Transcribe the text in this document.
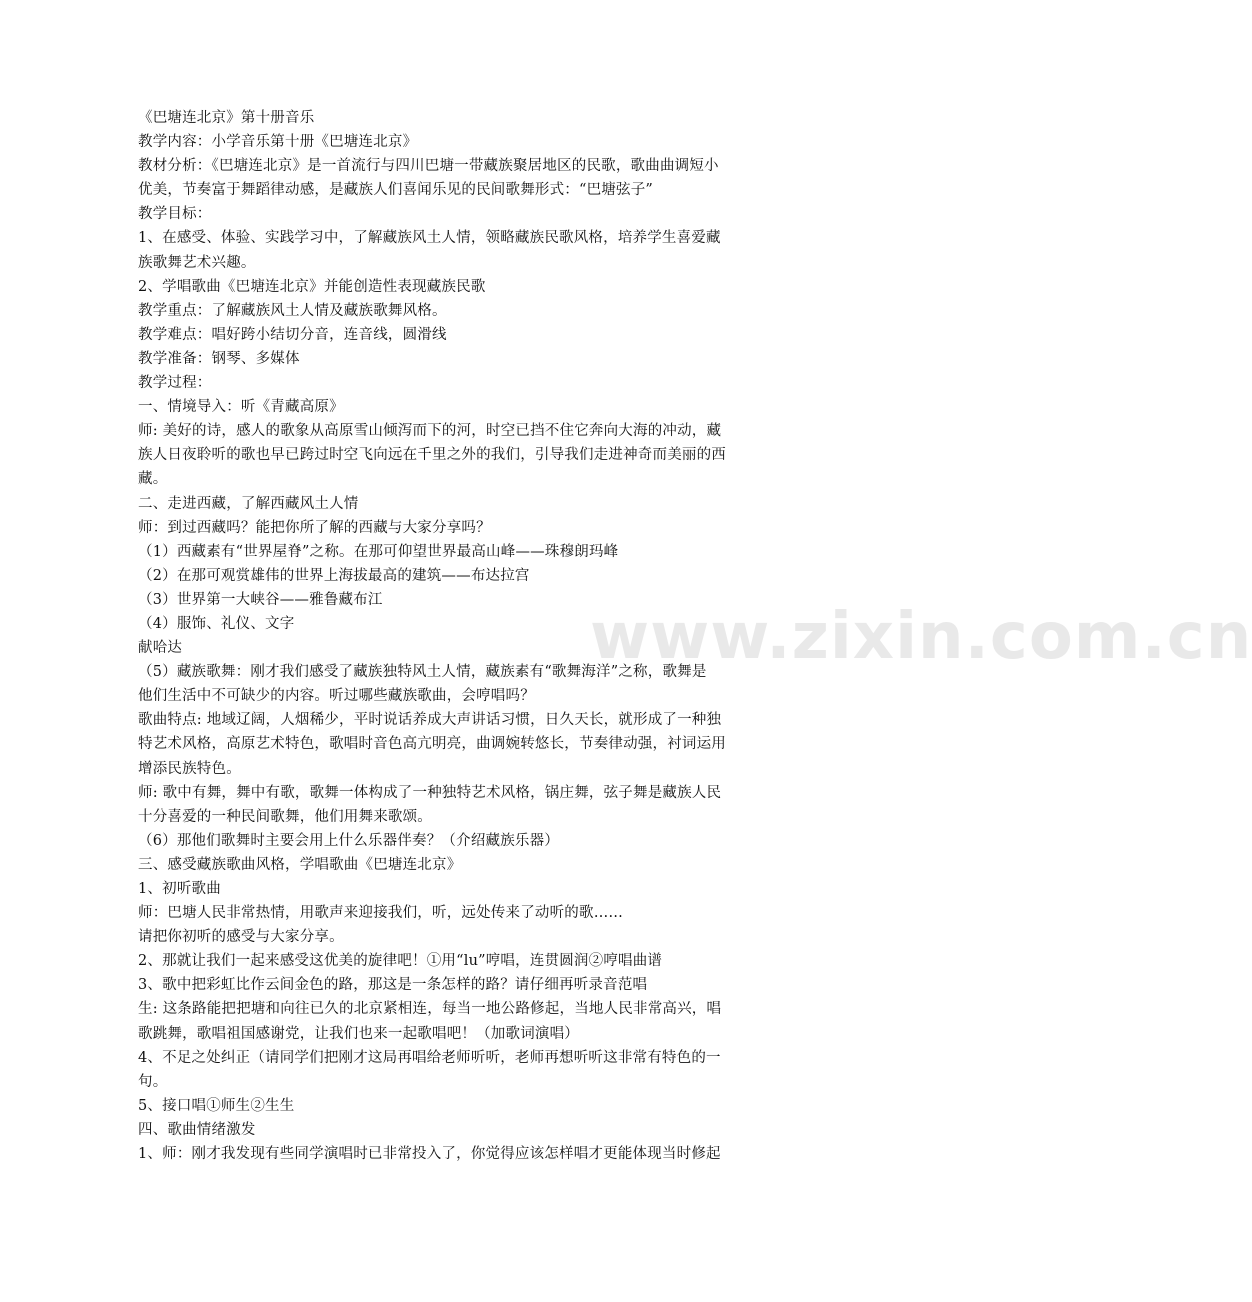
www.zixin.com.cn
《巴塘连北京》第十册音乐
教学内容：小学音乐第十册《巴塘连北京》
教材分析：《巴塘连北京》是一首流行与四川巴塘一带藏族聚居地区的民歌，歌曲曲调短小
优美，节奏富于舞蹈律动感，是藏族人们喜闻乐见的民间歌舞形式：“巴塘弦子”
教学目标：
1、在感受、体验、实践学习中，了解藏族风土人情，领略藏族民歌风格，培养学生喜爱藏
族歌舞艺术兴趣。
2、学唱歌曲《巴塘连北京》并能创造性表现藏族民歌
教学重点：了解藏族风土人情及藏族歌舞风格。
教学难点：唱好跨小结切分音，连音线，圆滑线
教学准备：钢琴、多媒体
教学过程：
一、情境导入：听《青藏高原》
师: 美好的诗，感人的歌象从高原雪山倾泻而下的河，时空已挡不住它奔向大海的冲动，藏
族人日夜聆听的歌也早已跨过时空飞向远在千里之外的我们，引导我们走进神奇而美丽的西
藏。
二、走进西藏，了解西藏风土人情
师：到过西藏吗？能把你所了解的西藏与大家分享吗？
（1）西藏素有“世界屋脊”之称。在那可仰望世界最高山峰——珠穆朗玛峰
（2）在那可观赏雄伟的世界上海拔最高的建筑——布达拉宫
（3）世界第一大峡谷——雅鲁藏布江
（4）服饰、礼仪、文字
献哈达
（5）藏族歌舞：刚才我们感受了藏族独特风土人情，藏族素有“歌舞海洋”之称，歌舞是
他们生活中不可缺少的内容。听过哪些藏族歌曲，会哼唱吗？
歌曲特点: 地域辽阔，人烟稀少，平时说话养成大声讲话习惯，日久天长，就形成了一种独
特艺术风格，高原艺术特色，歌唱时音色高亢明亮，曲调婉转悠长，节奏律动强，衬词运用
增添民族特色。
师: 歌中有舞，舞中有歌，歌舞一体构成了一种独特艺术风格，锅庄舞，弦子舞是藏族人民
十分喜爱的一种民间歌舞，他们用舞来歌颂。
（6）那他们歌舞时主要会用上什么乐器伴奏？（介绍藏族乐器）
三、感受藏族歌曲风格，学唱歌曲《巴塘连北京》
1、初听歌曲
师：巴塘人民非常热情，用歌声来迎接我们，听，远处传来了动听的歌……
请把你初听的感受与大家分享。
2、那就让我们一起来感受这优美的旋律吧！①用“lu”哼唱，连贯圆润②哼唱曲谱
3、歌中把彩虹比作云间金色的路，那这是一条怎样的路？请仔细再听录音范唱
生: 这条路能把把塘和向往已久的北京紧相连，每当一地公路修起，当地人民非常高兴，唱
歌跳舞，歌唱祖国感谢党，让我们也来一起歌唱吧！（加歌词演唱）
4、不足之处纠正（请同学们把刚才这局再唱给老师听听，老师再想听听这非常有特色的一
句。
5、接口唱①师生②生生
四、歌曲情绪激发
1、师：刚才我发现有些同学演唱时已非常投入了，你觉得应该怎样唱才更能体现当时修起
